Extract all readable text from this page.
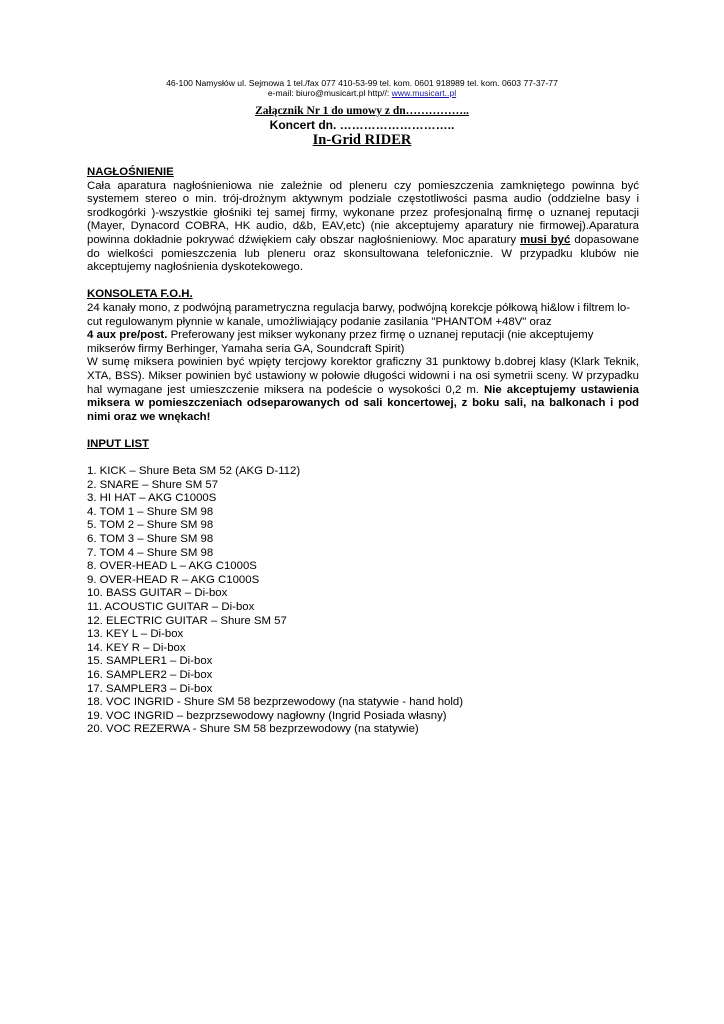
46-100 Namysłów ul. Sejmowa 1 tel./fax 077 410-53-99 tel. kom. 0601 918989 tel. kom. 0603 77-37-77
e-mail: biuro@musicart.pl http//: www.musicart..pl
Załącznik Nr 1 do umowy z dn……………..
Koncert dn. ………………………..
In-Grid RIDER

NAGŁOŚNIENIE

Cała aparatura nagłośnieniowa nie zależnie od pleneru czy pomieszczenia zamkniętego powinna być systemem stereo o min. trój-drożnym aktywnym podziale częstotliwości pasma audio (oddzielne basy i srodkogórki )-wszystkie głośniki tej samej firmy, wykonane przez profesjonalną firmę o uznanej reputacji (Mayer, Dynacord COBRA, HK audio, d&b, EAV,etc) (nie akceptujemy aparatury nie firmowej).Aparatura powinna dokładnie pokrywać dźwiękiem cały obszar nagłośnieniowy. Moc aparatury musi być dopasowane do wielkości pomieszczenia lub pleneru oraz skonsultowana telefonicznie. W przypadku klubów nie akceptujemy nagłośnienia dyskotekowego.

KONSOLETA F.O.H.

24 kanały mono, z podwójną parametryczna regulacja barwy, podwójną korekcje półkową hi&low i filtrem lo-cut regulowanym płynnie w kanale, umożliwiający podanie zasilania "PHANTOM +48V" oraz

4 aux pre/post. Preferowany jest mikser wykonany przez firmę o uznanej reputacji (nie akceptujemy mikserów firmy Berhinger, Yamaha seria GA, Soundcraft Spirit)

W sumę miksera powinien być wpięty tercjowy korektor graficzny 31 punktowy b.dobrej klasy (Klark Teknik, XTA, BSS). Mikser powinien być ustawiony w połowie długości widowni i na osi symetrii sceny. W przypadku hal wymagane jest umieszczenie miksera na podeście o wysokości 0,2 m. Nie akceptujemy ustawienia miksera w pomieszczeniach odseparowanych od sali koncertowej, z boku sali, na balkonach i pod nimi oraz we wnękach!

INPUT LIST

1. KICK – Shure Beta SM 52 (AKG D-112)
2. SNARE – Shure SM 57
3. HI HAT – AKG C1000S
4. TOM 1 – Shure SM 98
5. TOM 2 – Shure SM 98
6. TOM 3 – Shure SM 98
7. TOM 4 – Shure SM 98
8. OVER-HEAD L – AKG C1000S
9. OVER-HEAD R – AKG C1000S
10. BASS GUITAR – Di-box
11. ACOUSTIC GUITAR – Di-box
12. ELECTRIC GUITAR – Shure SM 57
13. KEY L – Di-box
14. KEY R – Di-box
15. SAMPLER1 – Di-box
16. SAMPLER2 – Di-box
17. SAMPLER3 – Di-box
18. VOC INGRID - Shure SM 58 bezprzewodowy (na statywie - hand hold)
19. VOC INGRID – bezprzsewodowy nagłowny (Ingrid Posiada własny)
20. VOC REZERWA - Shure SM 58 bezprzewodowy (na statywie)
